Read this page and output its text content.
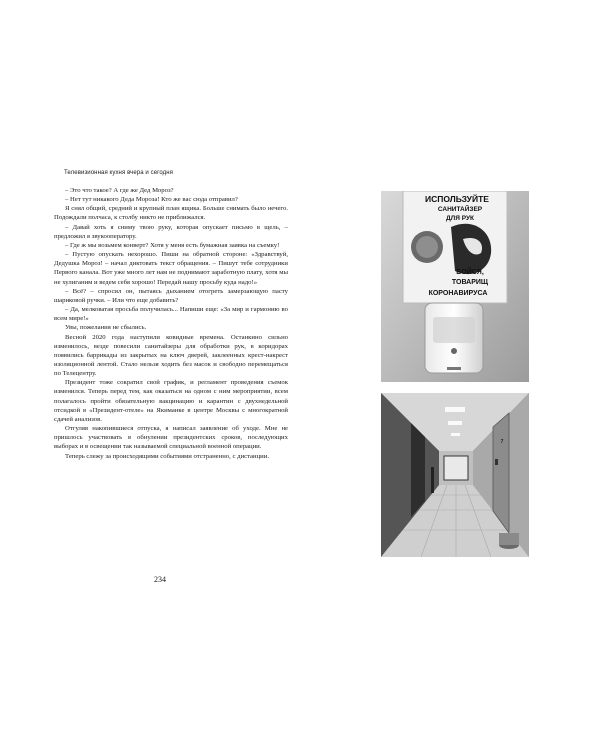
Телевизионная кухня вчера и сегодня

– Это что такое? А где же Дед Мороз?

– Нет тут никакого Деда Мороза! Кто же вас сюда отправил?

Я снял общий, средний и крупный план ящика. Больше снимать было нечего. Подождали полчаса, к столбу никто не приближался.

– Давай хоть я сниму твою руку, которая опускает письмо в щель, – предложил я звукооператору.

– Где ж мы возьмем конверт? Хотя у меня есть бумажная заявка на съемку!

– Пустую опускать нехорошо. Пиши на обратной стороне: «Здравствуй, Дедушка Мороз! – начал диктовать текст обращения. – Пишут тебе сотрудники Первого канала. Вот уже много лет нам не поднимают заработную плату, хотя мы не хулиганим и ведем себя хорошо! Передай нашу просьбу куда надо!»

– Всё? – спросил он, пытаясь дыханием отогреть замерзающую пасту шариковой ручки. – Или что еще добавить?

– Да, мелковатая просьба получилась... Напиши еще: «За мир и гармонию во всем мире!»

Увы, пожелания не сбылись.

Весной 2020 года наступили ковидные времена. Останкино сильно изменилось, везде повесили санитайзеры для обработки рук, в коридорах появились баррикады из закрытых на ключ дверей, заклеенных крест-накрест изоляционной лентой. Стало нельзя ходить без масок и свободно перемещаться по Телецентру.

Президент тоже сократил свой график, и регламент проведения съемок изменился. Теперь перед тем, как оказаться на одном с ним мероприятии, всем полагалось пройти обязательную вакцинацию и карантин с двухнедельной отсидкой в «Президент-отеле» на Якиманке в центре Москвы с многократной сдачей анализов.

Отгуляв накопившиеся отпуска, я написал заявление об уходе. Мне не пришлось участвовать в обнулении президентских сроков, последующих выборах и в освещении так называемой специальной военной операции.

Теперь слежу за происходящими событиями отстраненно, с дистанции.

234
ИСПОЛЬЗУЙТЕ
САНИТАЙЗЕР
ДЛЯ РУК
БОЙСЯ,
ТОВАРИЩ
КОРОНАВИРУСА
7
